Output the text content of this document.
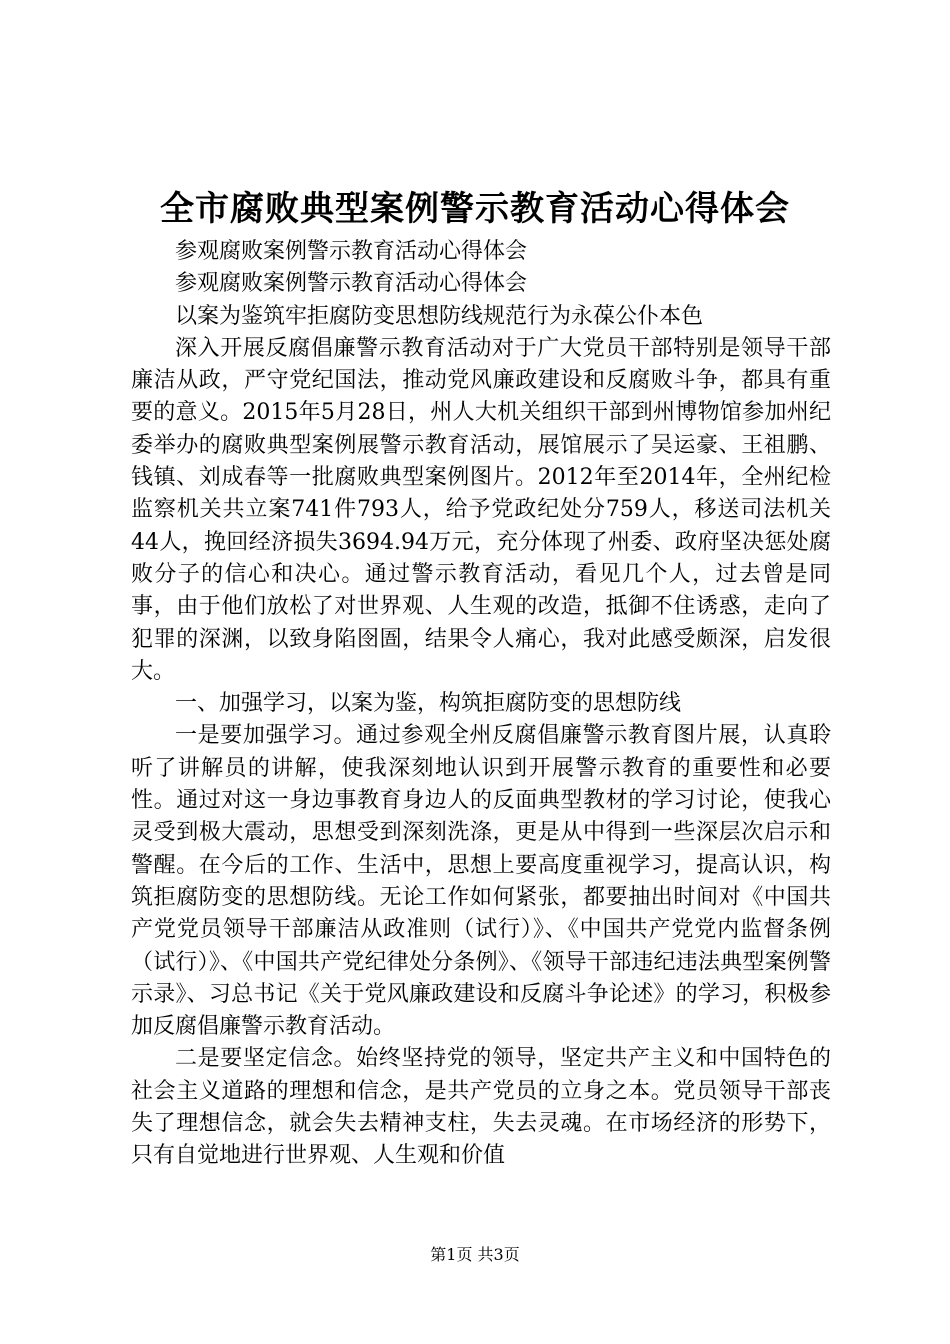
全市腐败典型案例警示教育活动心得体会

参观腐败案例警示教育活动心得体会

参观腐败案例警示教育活动心得体会

以案为鉴筑牢拒腐防变思想防线规范行为永葆公仆本色

深入开展反腐倡廉警示教育活动对于广大党员干部特别是领导干部廉洁从政，严守党纪国法，推动党风廉政建设和反腐败斗争，都具有重要的意义。2015年5月28日，州人大机关组织干部到州博物馆参加州纪委举办的腐败典型案例展警示教育活动，展馆展示了吴运豪、王祖鹏、钱镇、刘成春等一批腐败典型案例图片。2012年至2014年，全州纪检监察机关共立案741件793人，给予党政纪处分759人，移送司法机关44人，挽回经济损失3694.94万元，充分体现了州委、政府坚决惩处腐败分子的信心和决心。通过警示教育活动，看见几个人，过去曾是同事，由于他们放松了对世界观、人生观的改造，抵御不住诱惑，走向了犯罪的深渊，以致身陷囹圄，结果令人痛心，我对此感受颇深，启发很大。

一、加强学习，以案为鉴，构筑拒腐防变的思想防线

一是要加强学习。通过参观全州反腐倡廉警示教育图片展，认真聆听了讲解员的讲解，使我深刻地认识到开展警示教育的重要性和必要性。通过对这一身边事教育身边人的反面典型教材的学习讨论，使我心灵受到极大震动，思想受到深刻洗涤，更是从中得到一些深层次启示和警醒。在今后的工作、生活中，思想上要高度重视学习，提高认识，构筑拒腐防变的思想防线。无论工作如何紧张，都要抽出时间对《中国共产党党员领导干部廉洁从政准则（试行）》、《中国共产党党内监督条例（试行）》、《中国共产党纪律处分条例》、《领导干部违纪违法典型案例警示录》、习总书记《关于党风廉政建设和反腐斗争论述》的学习，积极参加反腐倡廉警示教育活动。

二是要坚定信念。始终坚持党的领导，坚定共产主义和中国特色的社会主义道路的理想和信念，是共产党员的立身之本。党员领导干部丧失了理想信念，就会失去精神支柱，失去灵魂。在市场经济的形势下，只有自觉地进行世界观、人生观和价值

第1页 共3页
